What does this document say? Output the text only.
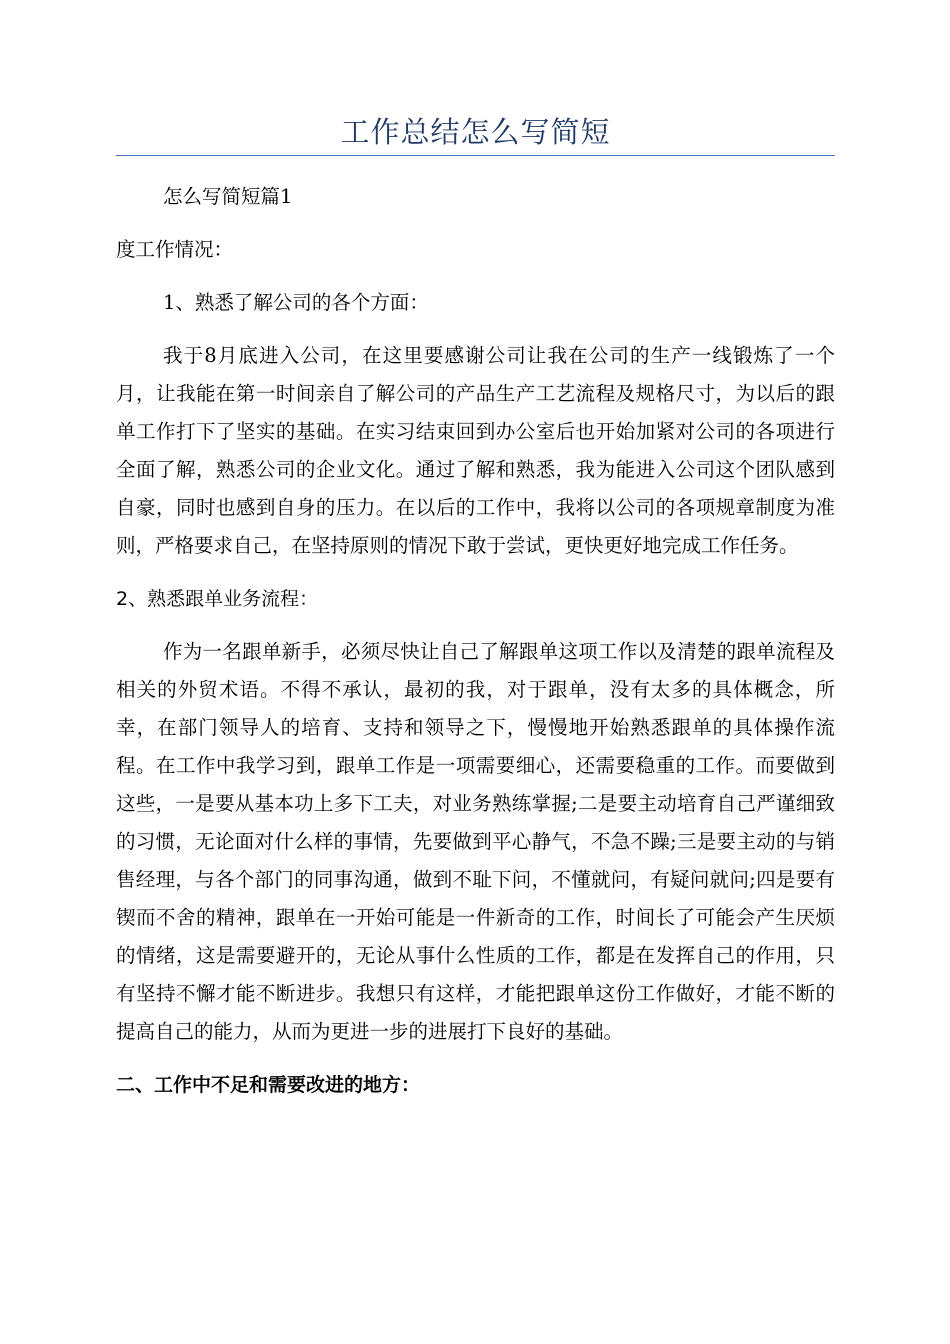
工作总结怎么写简短

怎么写简短篇1

度工作情况：

1、熟悉了解公司的各个方面：

我于8月底进入公司，在这里要感谢公司让我在公司的生产一线锻炼了一个月，让我能在第一时间亲自了解公司的产品生产工艺流程及规格尺寸，为以后的跟单工作打下了坚实的基础。在实习结束回到办公室后也开始加紧对公司的各项进行全面了解，熟悉公司的企业文化。通过了解和熟悉，我为能进入公司这个团队感到自豪，同时也感到自身的压力。在以后的工作中，我将以公司的各项规章制度为准则，严格要求自己，在坚持原则的情况下敢于尝试，更快更好地完成工作任务。

2、熟悉跟单业务流程：

作为一名跟单新手，必须尽快让自己了解跟单这项工作以及清楚的跟单流程及相关的外贸术语。不得不承认，最初的我，对于跟单，没有太多的具体概念，所幸，在部门领导人的培育、支持和领导之下，慢慢地开始熟悉跟单的具体操作流程。在工作中我学习到，跟单工作是一项需要细心，还需要稳重的工作。而要做到这些，一是要从基本功上多下工夫，对业务熟练掌握;二是要主动培育自己严谨细致的习惯，无论面对什么样的事情，先要做到平心静气，不急不躁;三是要主动的与销售经理，与各个部门的同事沟通，做到不耻下问，不懂就问，有疑问就问;四是要有锲而不舍的精神，跟单在一开始可能是一件新奇的工作，时间长了可能会产生厌烦的情绪，这是需要避开的，无论从事什么性质的工作，都是在发挥自己的作用，只有坚持不懈才能不断进步。我想只有这样，才能把跟单这份工作做好，才能不断的提高自己的能力，从而为更进一步的进展打下良好的基础。

二、工作中不足和需要改进的地方：
